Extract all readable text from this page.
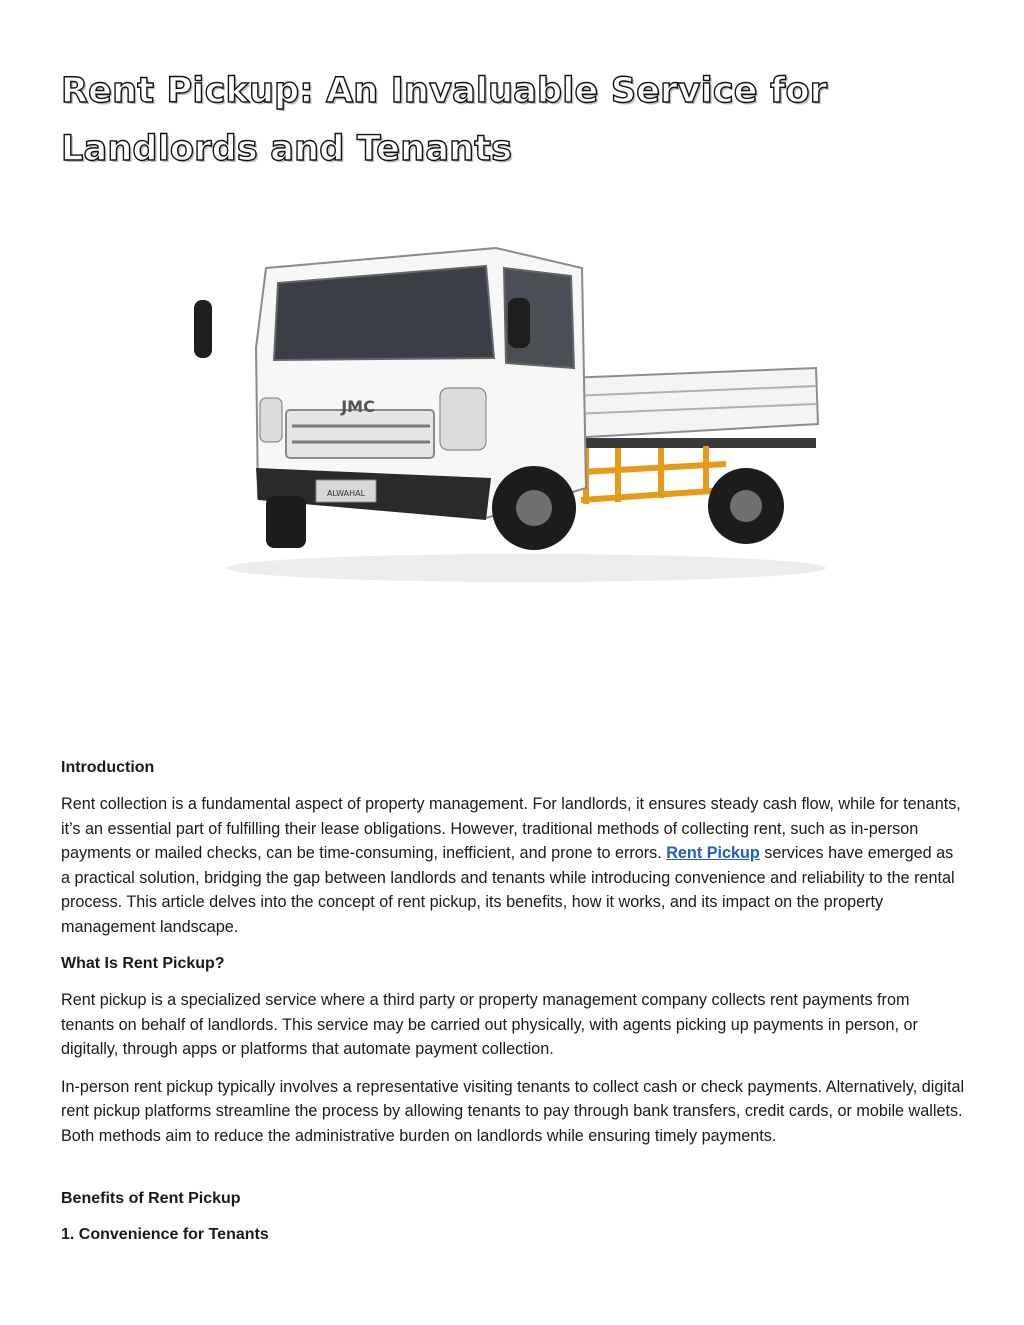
Rent Pickup: An Invaluable Service for Landlords and Tenants
JMC
ALWAHAL
Introduction

Rent collection is a fundamental aspect of property management. For landlords, it ensures steady cash flow, while for tenants, it’s an essential part of fulfilling their lease obligations. However, traditional methods of collecting rent, such as in-person payments or mailed checks, can be time-consuming, inefficient, and prone to errors. Rent Pickup services have emerged as a practical solution, bridging the gap between landlords and tenants while introducing convenience and reliability to the rental process. This article delves into the concept of rent pickup, its benefits, how it works, and its impact on the property management landscape.

What Is Rent Pickup?

Rent pickup is a specialized service where a third party or property management company collects rent payments from tenants on behalf of landlords. This service may be carried out physically, with agents picking up payments in person, or digitally, through apps or platforms that automate payment collection.

In-person rent pickup typically involves a representative visiting tenants to collect cash or check payments. Alternatively, digital rent pickup platforms streamline the process by allowing tenants to pay through bank transfers, credit cards, or mobile wallets. Both methods aim to reduce the administrative burden on landlords while ensuring timely payments.

Benefits of Rent Pickup
1. Convenience for Tenants
